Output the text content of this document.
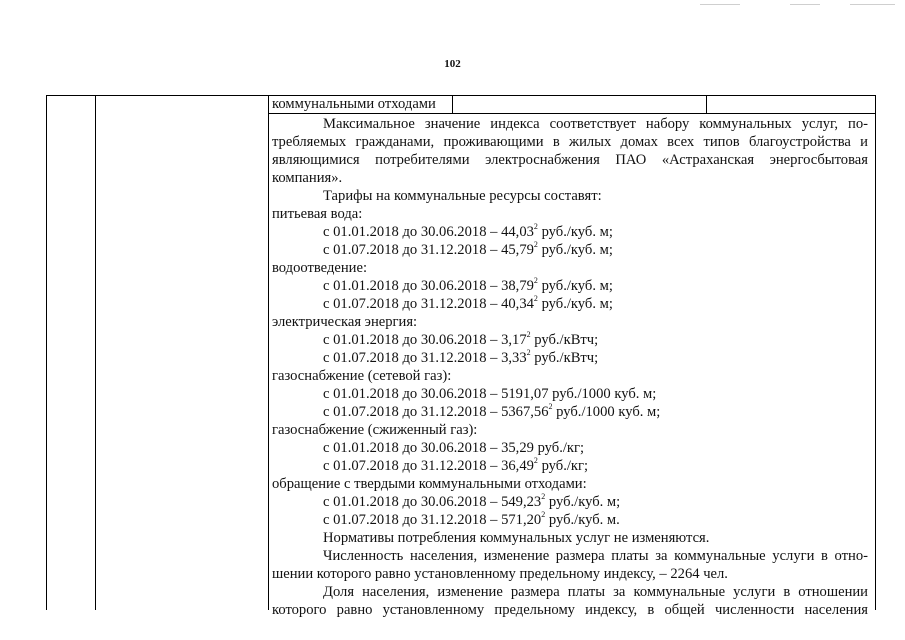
102
коммунальными отходами
Максимальное значение индекса соответствует набору коммунальных услуг, по-
требляемых гражданами, проживающими в жилых домах всех типов благоустройства и
являющимися потребителями электроснабжения ПАО «Астраханская энергосбытовая
компания».
Тарифы на коммунальные ресурсы составят:
питьевая вода:
с 01.01.2018 до 30.06.2018 – 44,03$^2$ руб./куб. м;
с 01.07.2018 до 31.12.2018 – 45,79$^2$ руб./куб. м;
водоотведение:
с 01.01.2018 до 30.06.2018 – 38,79$^2$ руб./куб. м;
с 01.07.2018 до 31.12.2018 – 40,34$^2$ руб./куб. м;
электрическая энергия:
с 01.01.2018 до 30.06.2018 – 3,17$^2$ руб./кВтч;
с 01.07.2018 до 31.12.2018 – 3,33$^2$ руб./кВтч;
газоснабжение (сетевой газ):
с 01.01.2018 до 30.06.2018 – 5191,07 руб./1000 куб. м;
с 01.07.2018 до 31.12.2018 – 5367,56$^2$ руб./1000 куб. м;
газоснабжение (сжиженный газ):
с 01.01.2018 до 30.06.2018 – 35,29 руб./кг;
с 01.07.2018 до 31.12.2018 – 36,49$^2$ руб./кг;
обращение с твердыми коммунальными отходами:
с 01.01.2018 до 30.06.2018 – 549,23$^2$ руб./куб. м;
с 01.07.2018 до 31.12.2018 – 571,20$^2$ руб./куб. м.
Нормативы потребления коммунальных услуг не изменяются.
Численность населения, изменение размера платы за коммунальные услуги в отно-
шении которого равно установленному предельному индексу, – 2264 чел.
Доля населения, изменение размера платы за коммунальные услуги в отношении
которого равно установленному предельному индексу, в общей численности населения
